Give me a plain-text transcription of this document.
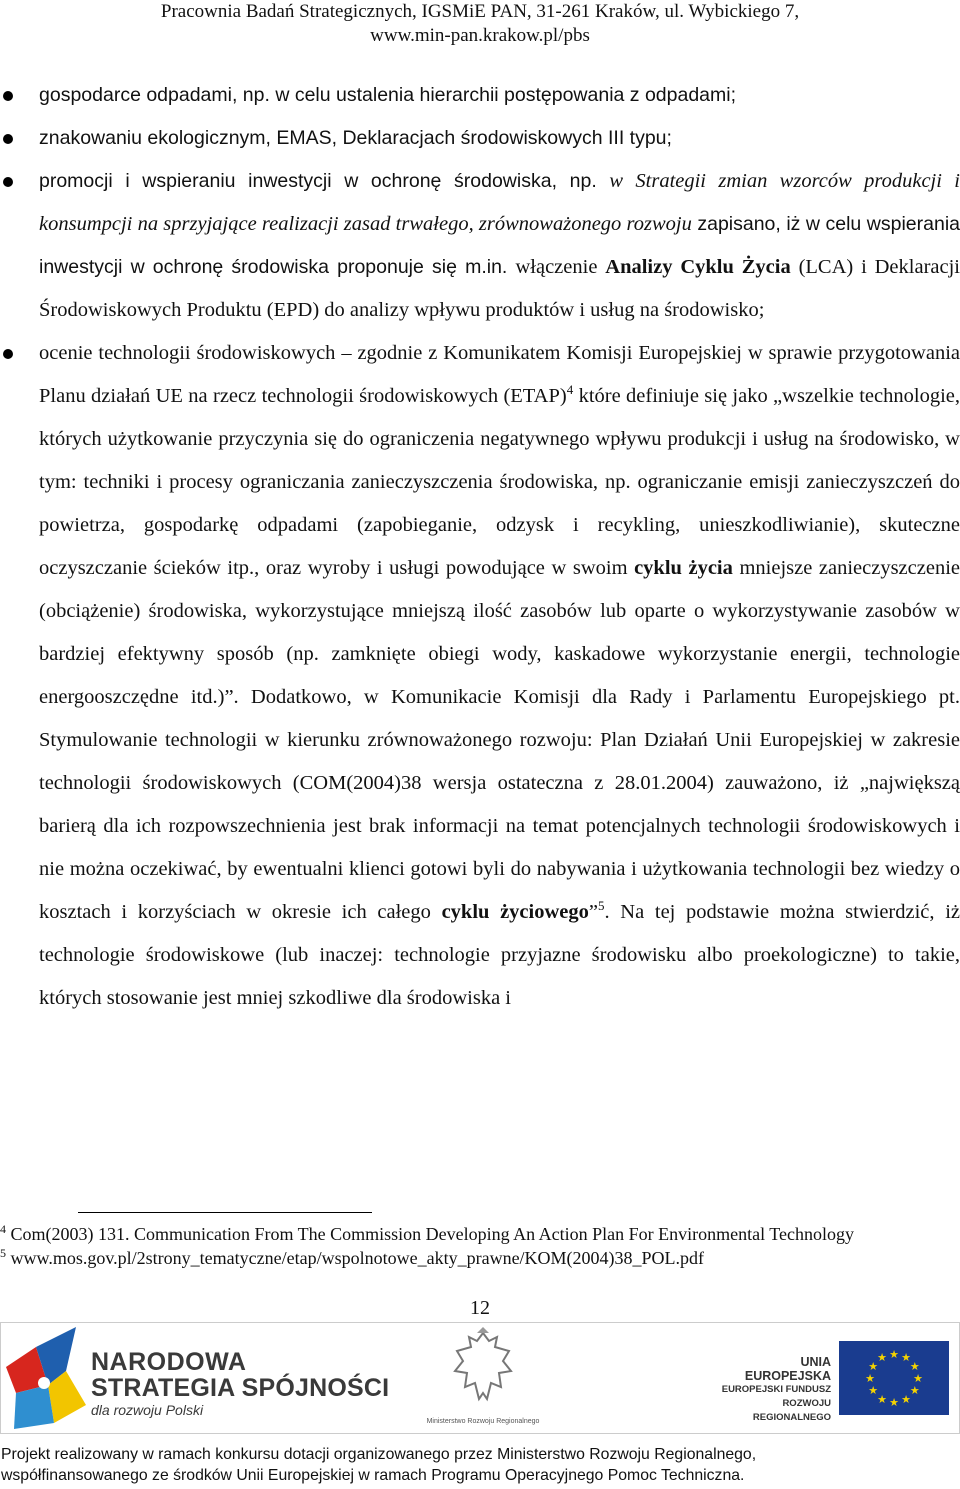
Pracownia Badań Strategicznych, IGSMiE PAN, 31-261 Kraków, ul. Wybickiego 7,
www.min-pan.krakow.pl/pbs
gospodarce odpadami, np. w celu ustalenia hierarchii postępowania z odpadami;
znakowaniu ekologicznym, EMAS, Deklaracjach środowiskowych III typu;
promocji i wspieraniu inwestycji w ochronę środowiska, np. w Strategii zmian wzorców produkcji i konsumpcji na sprzyjające realizacji zasad trwałego, zrównoważonego rozwoju zapisano, iż w celu wspierania inwestycji w ochronę środowiska proponuje się m.in. włączenie Analizy Cyklu Życia (LCA) i Deklaracji Środowiskowych Produktu (EPD) do analizy wpływu produktów i usług na środowisko;
ocenie technologii środowiskowych – zgodnie z Komunikatem Komisji Europejskiej w sprawie przygotowania Planu działań UE na rzecz technologii środowiskowych (ETAP)$^4$ które definiuje się jako „wszelkie technologie, których użytkowanie przyczynia się do ograniczenia negatywnego wpływu produkcji i usług na środowisko, w tym: techniki i procesy ograniczania zanieczyszczenia środowiska, np. ograniczanie emisji zanieczyszczeń do powietrza, gospodarkę odpadami (zapobieganie, odzysk i recykling, unieszkodliwianie), skuteczne oczyszczanie ścieków itp., oraz wyroby i usługi powodujące w swoim cyklu życia mniejsze zanieczyszczenie (obciążenie) środowiska, wykorzystujące mniejszą ilość zasobów lub oparte o wykorzystywanie zasobów w bardziej efektywny sposób (np. zamknięte obiegi wody, kaskadowe wykorzystanie energii, technologie energooszczędne itd.)”. Dodatkowo, w Komunikacie Komisji dla Rady i Parlamentu Europejskiego pt. Stymulowanie technologii w kierunku zrównoważonego rozwoju: Plan Działań Unii Europejskiej w zakresie technologii środowiskowych (COM(2004)38 wersja ostateczna z 28.01.2004) zauważono, iż „największą barierą dla ich rozpowszechnienia jest brak informacji na temat potencjalnych technologii środowiskowych i nie można oczekiwać, by ewentualni klienci gotowi byli do nabywania i użytkowania technologii bez wiedzy o kosztach i korzyściach w okresie ich całego cyklu życiowego”$^5$. Na tej podstawie można stwierdzić, iż technologie środowiskowe (lub inaczej: technologie przyjazne środowisku albo proekologiczne) to takie, których stosowanie jest mniej szkodliwe dla środowiska i
$^4$ Com(2003) 131. Communication From The Commission Developing An Action Plan For Environmental Technology
$^5$ www.mos.gov.pl/2strony_tematyczne/etap/wspolnotowe_akty_prawne/KOM(2004)38_POL.pdf
12
NARODOWA
STRATEGIA SPÓJNOŚCI
dla rozwoju Polski
Ministerstwo Rozwoju Regionalnego
UNIA EUROPEJSKA
EUROPEJSKI FUNDUSZ
ROZWOJU REGIONALNEGO
★
★
★
★
★
★
★
★
★ ★ ★
★
Projekt realizowany w ramach konkursu dotacji organizowanego przez Ministerstwo Rozwoju Regionalnego,
współfinansowanego ze środków Unii Europejskiej w ramach Programu Operacyjnego Pomoc Techniczna.
